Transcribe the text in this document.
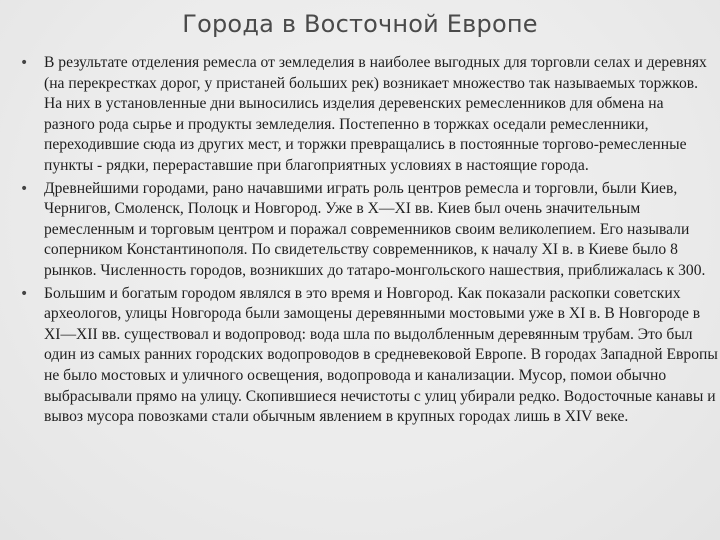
Города в Восточной Европе
• В результате отделения ремесла от земледелия в наиболее выгодных для торговли селах и деревнях (на перекрестках дорог, у пристаней больших рек) возникает множество так называемых торжков. На них в установленные дни выносились изделия деревенских ремесленников для обмена на разного рода сырье и продукты земледелия. Постепенно в торжках оседали ремесленники, переходившие сюда из других мест, и торжки превращались в постоянные торгово-ремесленные пункты - рядки, перераставшие при благоприятных условиях в настоящие города.
• Древнейшими городами, рано начавшими играть роль центров ремесла и торговли, были Киев, Чернигов, Смоленск, Полоцк и Новгород. Уже в X—XI вв. Киев был очень значительным ремесленным и торговым центром и поражал современников своим великолепием. Его называли соперником Константинополя. По свидетельству современников, к началу XI в. в Киеве было 8 рынков. Численность городов, возникших до татаро-монгольского нашествия, приближалась к 300.
• Большим и богатым городом являлся в это время и Новгород. Как показали раскопки советских археологов, улицы Новгорода были замощены деревянными мостовыми уже в XI в. В Новгороде в XI—XII вв. существовал и водопровод: вода шла по выдолбленным деревянным трубам. Это был один из самых ранних городских водопроводов в средневековой Европе. В городах Западной Европы не было мостовых и уличного освещения, водопровода и канализации. Мусор, помои обычно выбрасывали прямо на улицу. Скопившиеся нечистоты с улиц убирали редко. Водосточные канавы и вывоз мусора повозками стали обычным явлением в крупных городах лишь в XIV веке.
